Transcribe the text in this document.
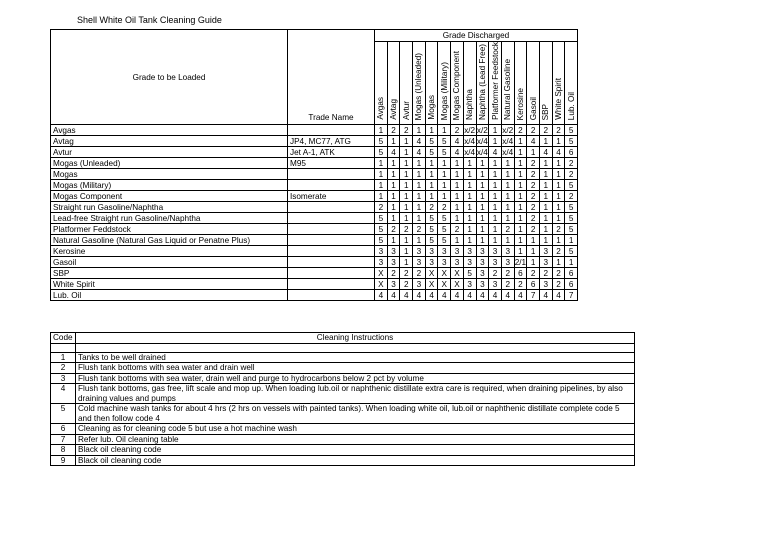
Shell White Oil Tank Cleaning Guide
Grade to be Loaded	Trade Name	Grade Discharged															
		Avgas	Avtag	Avtur	Mogas (Unleaded)	Mogas	Mogas (Military)	Mogas Component	Naphtha	Naphtha (Lead Free)	Platformer Feedstock	Natural Gasoline	Kerosine	Gasoil	SBP	White Spirit	Lub. Oil
Avgas		1	2	2	1	1	1	2	x/2	x/2	1	x/2	2	2	2	2	5
Avtag	JP4, MC77, ATG	5	1	1	4	5	5	4	x/4	x/4	1	x/4	1	4	1	1	5
Avtur	Jet A-1, ATK	5	4	1	4	5	5	4	x/4	x/4	4	x/4	1	1	4	4	6
Mogas (Unleaded)	M95	1	1	1	1	1	1	1	1	1	1	1	1	2	1	1	2
Mogas		1	1	1	1	1	1	1	1	1	1	1	1	2	1	1	2
Mogas (Military)		1	1	1	1	1	1	1	1	1	1	1	1	2	1	1	5
Mogas Component	Isomerate	1	1	1	1	1	1	1	1	1	1	1	1	2	1	1	2
Straight run Gasoline/Naphtha		2	1	1	1	2	2	1	1	1	1	1	1	2	1	1	5
Lead-free Straight run Gasoline/Naphtha		5	1	1	1	5	5	1	1	1	1	1	1	2	1	1	5
Platformer Feddstock		5	2	2	2	5	5	2	1	1	1	2	1	2	1	2	5
Natural Gasoline (Natural Gas Liquid or Penatne Plus)		5	1	1	1	5	5	1	1	1	1	1	1	1	1	1	1
Kerosine		3	3	1	3	3	3	3	3	3	3	3	1	1	3	2	5
Gasoil		3	3	1	3	3	3	3	3	3	3	3	2/1	1	3	1	1
SBP		X	2	2	2	X	X	X	5	3	2	2	6	2	2	2	6
White Spirit		X	3	2	3	X	X	X	3	3	3	2	2	6	3	2	6
Lub. Oil		4	4	4	4	4	4	4	4	4	4	4	4	7	4	4	7
Code	Cleaning Instructions

1	Tanks to be well drained
2	Flush tank bottoms with sea water and drain well
3	Flush tank bottoms with sea water, drain well and purge to hydrocarbons below 2 pct by volume
4	Flush tank bottoms, gas free, lift scale and mop up. When loading lub.oil or naphthenic distillate extra care is required, when draining pipelines, by also draining values and pumps
5	Cold machine wash tanks for about 4 hrs (2 hrs on vessels with painted tanks). When loading white oil, lub.oil or naphthenic distillate complete code 5 and then follow code 4
6	Cleaning as for cleaning code 5 but use a hot machine wash
7	Refer lub. Oil cleaning table
8	Black oil cleaning code
9	Black oil cleaning code
